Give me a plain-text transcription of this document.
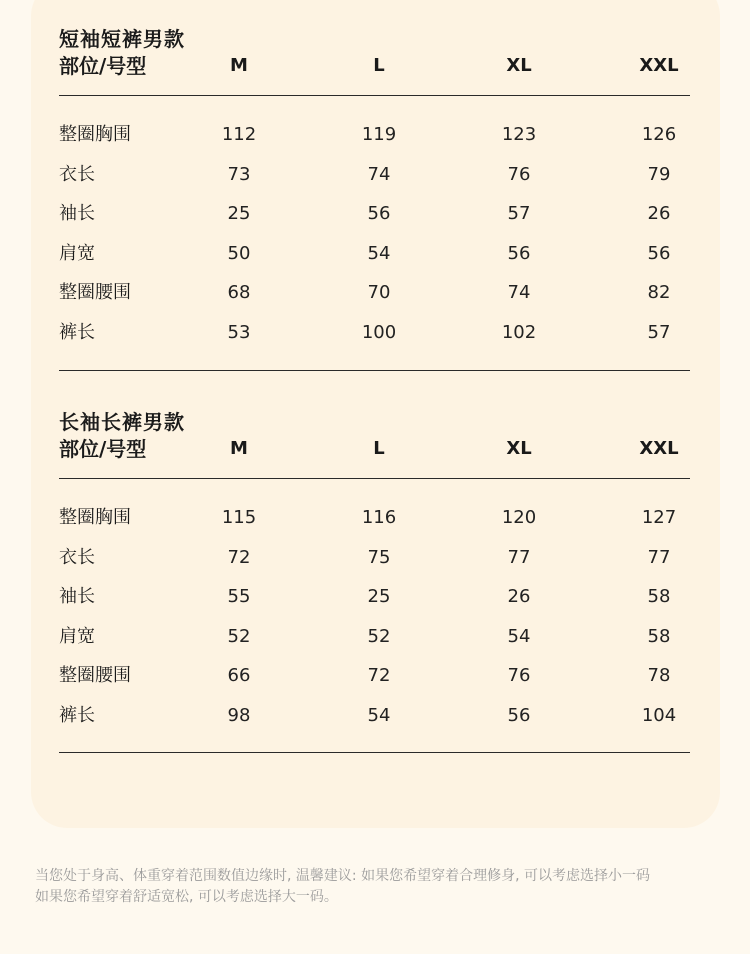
短袖短裤男款
部位/号型	M	L	XL	XXL
整圈胸围	112	119	123	126
衣长	73	74	76	79
袖长	25	56	57	26
肩宽	50	54	56	56
整圈腰围	68	70	74	82
裤长	53	100	102	57
长袖长裤男款
部位/号型	M	L	XL	XXL
整圈胸围	115	116	120	127
衣长	72	75	77	77
袖长	55	25	26	58
肩宽	52	52	54	58
整圈腰围	66	72	76	78
裤长	98	54	56	104
当您处于身高、体重穿着范围数值边缘时, 温馨建议: 如果您希望穿着合理修身, 可以考虑选择小一码
如果您希望穿着舒适宽松, 可以考虑选择大一码。
